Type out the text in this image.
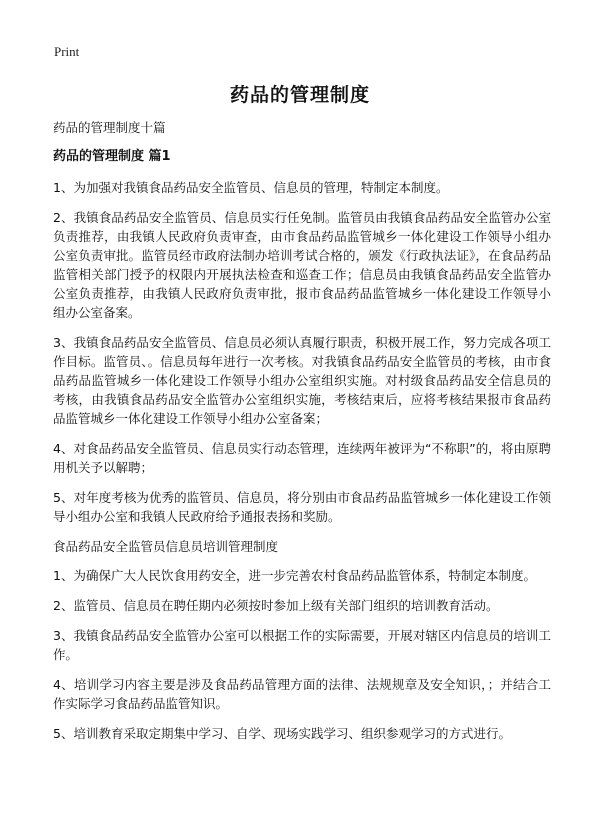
Print
药品的管理制度

药品的管理制度十篇

药品的管理制度 篇1

1、为加强对我镇食品药品安全监管员、信息员的管理，特制定本制度。

2、我镇食品药品安全监管员、信息员实行任免制。监管员由我镇食品药品安全监管办公室负责推荐，由我镇人民政府负责审查，由市食品药品监管城乡一体化建设工作领导小组办公室负责审批。监管员经市政府法制办培训考试合格的，颁发《行政执法证》，在食品药品监管相关部门授予的权限内开展执法检查和巡查工作；信息员由我镇食品药品安全监管办公室负责推荐，由我镇人民政府负责审批，报市食品药品监管城乡一体化建设工作领导小组办公室备案。

3、我镇食品药品安全监管员、信息员必须认真履行职责，积极开展工作，努力完成各项工作目标。监管员、。信息员每年进行一次考核。对我镇食品药品安全监管员的考核，由市食品药品监管城乡一体化建设工作领导小组办公室组织实施。对村级食品药品安全信息员的考核，由我镇食品药品安全监管办公室组织实施，考核结束后，应将考核结果报市食品药品监管城乡一体化建设工作领导小组办公室备案；

4、对食品药品安全监管员、信息员实行动态管理，连续两年被评为“不称职”的，将由原聘用机关予以解聘；

5、对年度考核为优秀的监管员、信息员，将分别由市食品药品监管城乡一体化建设工作领导小组办公室和我镇人民政府给予通报表扬和奖励。

食品药品安全监管员信息员培训管理制度

1、为确保广大人民饮食用药安全，进一步完善农村食品药品监管体系，特制定本制度。

2、监管员、信息员在聘任期内必须按时参加上级有关部门组织的培训教育活动。

3、我镇食品药品安全监管办公室可以根据工作的实际需要，开展对辖区内信息员的培训工作。

4、培训学习内容主要是涉及食品药品管理方面的法律、法规规章及安全知识，；并结合工作实际学习食品药品监管知识。

5、培训教育采取定期集中学习、自学、现场实践学习、组织参观学习的方式进行。
